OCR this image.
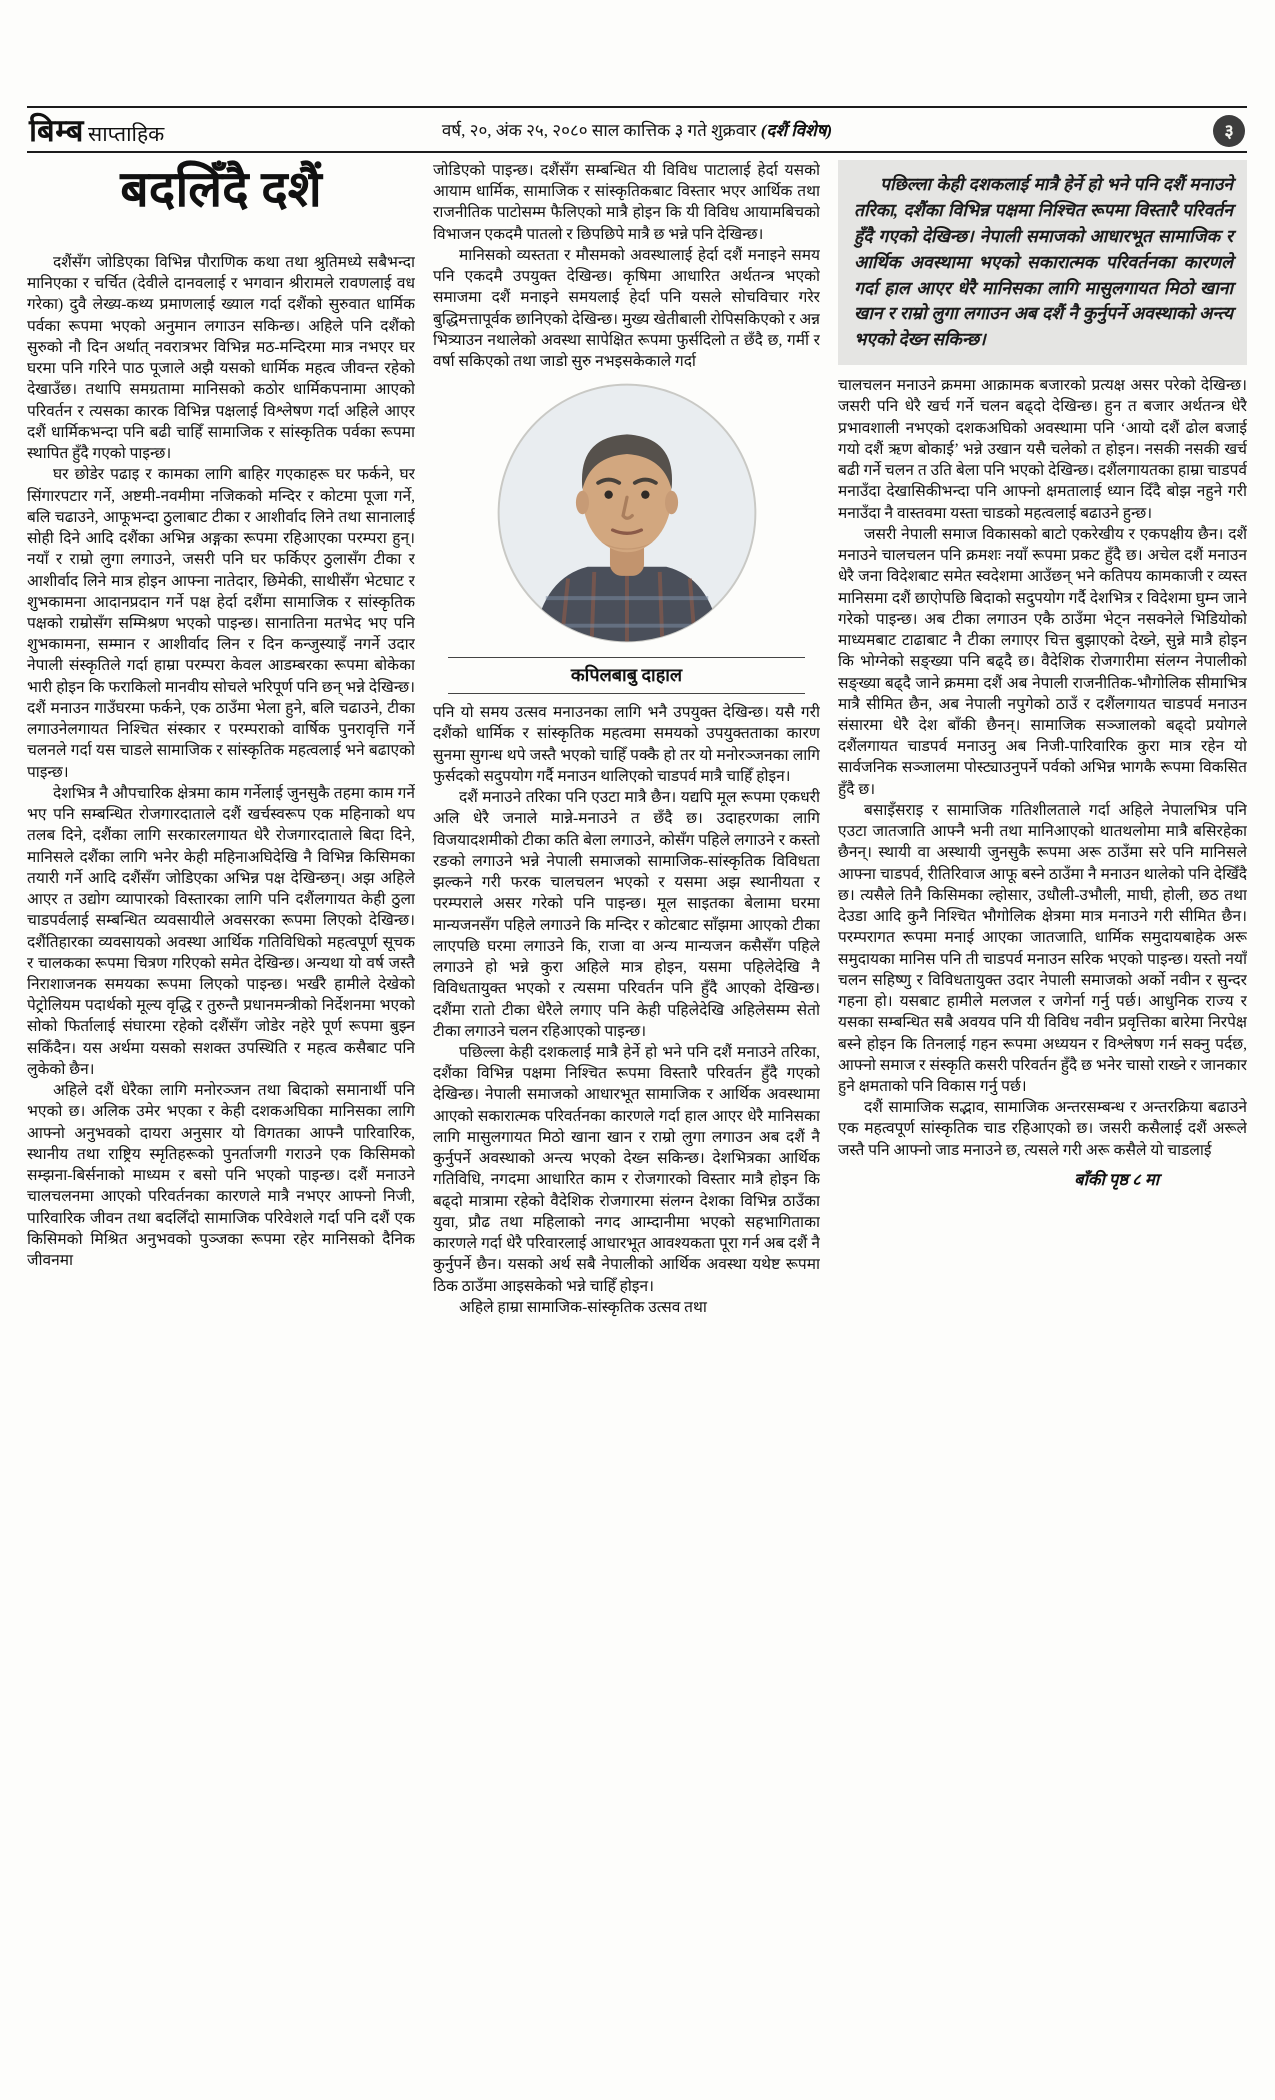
बिम्ब साप्ताहिक	वर्ष, २०, अंक २५, २०८० साल कात्तिक ३ गते शुक्रवार (दशैं विशेष)	३
बदलिँदै दशैं

दशैंसँग जोडिएका विभिन्न पौराणिक कथा तथा श्रुतिमध्ये सबैभन्दा मानिएका र चर्चित (देवीले दानवलाई र भगवान श्रीरामले रावणलाई वध गरेका) दुवै लेख्य-कथ्य प्रमाणलाई ख्याल गर्दा दशैंको सुरुवात धार्मिक पर्वका रूपमा भएको अनुमान लगाउन सकिन्छ। अहिले पनि दशैंको सुरुको नौ दिन अर्थात् नवरात्रभर विभिन्न मठ-मन्दिरमा मात्र नभएर घर घरमा पनि गरिने पाठ पूजाले अझै यसको धार्मिक महत्व जीवन्त रहेको देखाउँछ। तथापि समग्रतामा मानिसको कठोर धार्मिकपनामा आएको परिवर्तन र त्यसका कारक विभिन्न पक्षलाई विश्लेषण गर्दा अहिले आएर दशैं धार्मिकभन्दा पनि बढी चाहिँ सामाजिक र सांस्कृतिक पर्वका रूपमा स्थापित हुँदै गएको पाइन्छ।

घर छोडेर पढाइ र कामका लागि बाहिर गएकाहरू घर फर्कने, घर सिंगारपटार गर्ने, अष्टमी-नवमीमा नजिकको मन्दिर र कोटमा पूजा गर्ने, बलि चढाउने, आफूभन्दा ठुलाबाट टीका र आशीर्वाद लिने तथा सानालाई सोही दिने आदि दशैंका अभिन्न अङ्गका रूपमा रहिआएका परम्परा हुन्। नयाँ र राम्रो लुगा लगाउने, जसरी पनि घर फर्किएर ठुलासँग टीका र आशीर्वाद लिने मात्र होइन आफ्ना नातेदार, छिमेकी, साथीसँग भेटघाट र शुभकामना आदानप्रदान गर्ने पक्ष हेर्दा दशैंमा सामाजिक र सांस्कृतिक पक्षको राम्रोसँग सम्मिश्रण भएको पाइन्छ। सानातिना मतभेद भए पनि शुभकामना, सम्मान र आशीर्वाद लिन र दिन कन्जुस्याइँ नगर्ने उदार नेपाली संस्कृतिले गर्दा हाम्रा परम्परा केवल आडम्बरका रूपमा बोकेका भारी होइन कि फराकिलो मानवीय सोचले भरिपूर्ण पनि छन् भन्ने देखिन्छ। दशैं मनाउन गाउँघरमा फर्कने, एक ठाउँमा भेला हुने, बलि चढाउने, टीका लगाउनेलगायत निश्चित संस्कार र परम्पराको वार्षिक पुनरावृत्ति गर्ने चलनले गर्दा यस चाडले सामाजिक र सांस्कृतिक महत्वलाई भने बढाएको पाइन्छ।

देशभित्र नै औपचारिक क्षेत्रमा काम गर्नेलाई जुनसुकै तहमा काम गर्ने भए पनि सम्बन्धित रोजगारदाताले दशैं खर्चस्वरूप एक महिनाको थप तलब दिने, दशैंका लागि सरकारलगायत धेरै रोजगारदाताले बिदा दिने, मानिसले दशैंका लागि भनेर केही महिनाअघिदेखि नै विभिन्न किसिमका तयारी गर्ने आदि दशैंसँग जोडिएका अभिन्न पक्ष देखिन्छन्। अझ अहिले आएर त उद्योग व्यापारको विस्तारका लागि पनि दशैंलगायत केही ठुला चाडपर्वलाई सम्बन्धित व्यवसायीले अवसरका रूपमा लिएको देखिन्छ। दशैंतिहारका व्यवसायको अवस्था आर्थिक गतिविधिको महत्वपूर्ण सूचक र चालकका रूपमा चित्रण गरिएको समेत देखिन्छ। अन्यथा यो वर्ष जस्तै निराशाजनक समयका रूपमा लिएको पाइन्छ। भर्खरै हामीले देखेको पेट्रोलियम पदार्थको मूल्य वृद्धि र तुरुन्तै प्रधानमन्त्रीको निर्देशनमा भएको सोको फिर्तालाई संघारमा रहेको दशैंसँग जोडेर नहेरे पूर्ण रूपमा बुझ्न सकिँदैन। यस अर्थमा यसको सशक्त उपस्थिति र महत्व कसैबाट पनि लुकेको छैन।

अहिले दशैं धेरैका लागि मनोरञ्जन तथा बिदाको समानार्थी पनि भएको छ। अलिक उमेर भएका र केही दशकअघिका मानिसका लागि आफ्नो अनुभवको दायरा अनुसार यो विगतका आफ्नै पारिवारिक, स्थानीय तथा राष्ट्रिय स्मृतिहरूको पुनर्ताजगी गराउने एक किसिमको सम्झना-बिर्सनाको माध्यम र बसो पनि भएको पाइन्छ। दशैं मनाउने चालचलनमा आएको परिवर्तनका कारणले मात्रै नभएर आफ्नो निजी, पारिवारिक जीवन तथा बदलिँदो सामाजिक परिवेशले गर्दा पनि दशैं एक किसिमको मिश्रित अनुभवको पुञ्जका रूपमा रहेर मानिसको दैनिक जीवनमा

जोडिएको पाइन्छ। दशैंसँग सम्बन्धित यी विविध पाटालाई हेर्दा यसको आयाम धार्मिक, सामाजिक र सांस्कृतिकबाट विस्तार भएर आर्थिक तथा राजनीतिक पाटोसम्म फैलिएको मात्रै होइन कि यी विविध आयामबिचको विभाजन एकदमै पातलो र छिपछिपे मात्रै छ भन्ने पनि देखिन्छ।

मानिसको व्यस्तता र मौसमको अवस्थालाई हेर्दा दशैं मनाइने समय पनि एकदमै उपयुक्त देखिन्छ। कृषिमा आधारित अर्थतन्त्र भएको समाजमा दशैं मनाइने समयलाई हेर्दा पनि यसले सोचविचार गरेर बुद्धिमत्तापूर्वक छानिएको देखिन्छ। मुख्य खेतीबाली रोपिसकिएको र अन्न भित्र्याउन नथालेको अवस्था सापेक्षित रूपमा फुर्सदिलो त छँदै छ, गर्मी र वर्षा सकिएको तथा जाडो सुरु नभइसकेकाले गर्दा

कपिलबाबु दाहाल

पनि यो समय उत्सव मनाउनका लागि भनै उपयुक्त देखिन्छ। यसै गरी दशैंको धार्मिक र सांस्कृतिक महत्वमा समयको उपयुक्तताका कारण सुनमा सुगन्ध थपे जस्तै भएको चाहिँ पक्कै हो तर यो मनोरञ्जनका लागि फुर्सदको सदुपयोग गर्दै मनाउन थालिएको चाडपर्व मात्रै चाहिँ होइन।

दशैं मनाउने तरिका पनि एउटा मात्रै छैन। यद्यपि मूल रूपमा एकधरी अलि धेरै जनाले मान्ने-मनाउने त छँदै छ। उदाहरणका लागि विजयादशमीको टीका कति बेला लगाउने, कोसँग पहिले लगाउने र कस्तो रङको लगाउने भन्ने नेपाली समाजको सामाजिक-सांस्कृतिक विविधता झल्कने गरी फरक चालचलन भएको र यसमा अझ स्थानीयता र परम्पराले असर गरेको पनि पाइन्छ। मूल साइतका बेलामा घरमा मान्यजनसँग पहिले लगाउने कि मन्दिर र कोटबाट साँझमा आएको टीका लाएपछि घरमा लगाउने कि, राजा वा अन्य मान्यजन कसैसँग पहिले लगाउने हो भन्ने कुरा अहिले मात्र होइन, यसमा पहिलेदेखि नै विविधतायुक्त भएको र त्यसमा परिवर्तन पनि हुँदै आएको देखिन्छ। दशैंमा रातो टीका धेरैले लगाए पनि केही पहिलेदेखि अहिलेसम्म सेतो टीका लगाउने चलन रहिआएको पाइन्छ।

पछिल्ला केही दशकलाई मात्रै हेर्ने हो भने पनि दशैं मनाउने तरिका, दशैंका विभिन्न पक्षमा निश्चित रूपमा विस्तारै परिवर्तन हुँदै गएको देखिन्छ। नेपाली समाजको आधारभूत सामाजिक र आर्थिक अवस्थामा आएको सकारात्मक परिवर्तनका कारणले गर्दा हाल आएर धेरै मानिसका लागि मासुलगायत मिठो खाना खान र राम्रो लुगा लगाउन अब दशैं नै कुर्नुपर्ने अवस्थाको अन्त्य भएको देख्न सकिन्छ। देशभित्रका आर्थिक गतिविधि, नगदमा आधारित काम र रोजगारको विस्तार मात्रै होइन कि बढ्दो मात्रामा रहेको वैदेशिक रोजगारमा संलग्न देशका विभिन्न ठाउँका युवा, प्रौढ तथा महिलाको नगद आम्दानीमा भएको सहभागिताका कारणले गर्दा धेरै परिवारलाई आधारभूत आवश्यकता पूरा गर्न अब दशैं नै कुर्नुपर्ने छैन। यसको अर्थ सबै नेपालीको आर्थिक अवस्था यथेष्ट रूपमा ठिक ठाउँमा आइसकेको भन्ने चाहिँ होइन।

अहिले हाम्रा सामाजिक-सांस्कृतिक उत्सव तथा

पछिल्ला केही दशकलाई मात्रै हेर्ने हो भने पनि दशैं मनाउने तरिका, दशैंका विभिन्न पक्षमा निश्चित रूपमा विस्तारै परिवर्तन हुँदै गएको देखिन्छ। नेपाली समाजको आधारभूत सामाजिक र आर्थिक अवस्थामा भएको सकारात्मक परिवर्तनका कारणले गर्दा हाल आएर धेरै मानिसका लागि मासुलगायत मिठो खाना खान र राम्रो लुगा लगाउन अब दशैं नै कुर्नुपर्ने अवस्थाको अन्त्य भएको देख्न सकिन्छ।

चालचलन मनाउने क्रममा आक्रामक बजारको प्रत्यक्ष असर परेको देखिन्छ। जसरी पनि धेरै खर्च गर्ने चलन बढ्दो देखिन्छ। हुन त बजार अर्थतन्त्र धेरै प्रभावशाली नभएको दशकअघिको अवस्थामा पनि ‘आयो दशैं ढोल बजाई गयो दशैं ऋण बोकाई’ भन्ने उखान यसै चलेको त होइन। नसकी नसकी खर्च बढी गर्ने चलन त उति बेला पनि भएको देखिन्छ। दशैंलगायतका हाम्रा चाडपर्व मनाउँदा देखासिकीभन्दा पनि आफ्नो क्षमतालाई ध्यान दिँदै बोझ नहुने गरी मनाउँदा नै वास्तवमा यस्ता चाडको महत्वलाई बढाउने हुन्छ।

जसरी नेपाली समाज विकासको बाटो एकरेखीय र एकपक्षीय छैन। दशैं मनाउने चालचलन पनि क्रमशः नयाँ रूपमा प्रकट हुँदै छ। अचेल दशैं मनाउन धेरै जना विदेशबाट समेत स्वदेशमा आउँछन् भने कतिपय कामकाजी र व्यस्त मानिसमा दशैं छाएोपछि बिदाको सदुपयोग गर्दै देशभित्र र विदेशमा घुम्न जाने गरेको पाइन्छ। अब टीका लगाउन एकै ठाउँमा भेट्न नसक्नेले भिडियोको माध्यमबाट टाढाबाट नै टीका लगाएर चित्त बुझाएको देख्ने, सुन्ने मात्रै होइन कि भोग्नेको सङ्ख्या पनि बढ्दै छ। वैदेशिक रोजगारीमा संलग्न नेपालीको सङ्ख्या बढ्दै जाने क्रममा दशैं अब नेपाली राजनीतिक-भौगोलिक सीमाभित्र मात्रै सीमित छैन, अब नेपाली नपुगेको ठाउँ र दशैंलगायत चाडपर्व मनाउन संसारमा धेरै देश बाँकी छैनन्। सामाजिक सञ्जालको बढ्दो प्रयोगले दशैंलगायत चाडपर्व मनाउनु अब निजी-पारिवारिक कुरा मात्र रहेन यो सार्वजनिक सञ्जालमा पोस्ट्याउनुपर्ने पर्वको अभिन्न भागकै रूपमा विकसित हुँदै छ।

बसाइँसराइ र सामाजिक गतिशीलताले गर्दा अहिले नेपालभित्र पनि एउटा जातजाति आफ्नै भनी तथा मानिआएको थातथलोमा मात्रै बसिरहेका छैनन्। स्थायी वा अस्थायी जुनसुकै रूपमा अरू ठाउँमा सरे पनि मानिसले आफ्ना चाडपर्व, रीतिरिवाज आफू बस्ने ठाउँमा नै मनाउन थालेको पनि देखिँदै छ। त्यसैले तिनै किसिमका ल्होसार, उधौली-उभौली, माघी, होली, छठ तथा देउडा आदि कुनै निश्चित भौगोलिक क्षेत्रमा मात्र मनाउने गरी सीमित छैन। परम्परागत रूपमा मनाई आएका जातजाति, धार्मिक समुदायबाहेक अरू समुदायका मानिस पनि ती चाडपर्व मनाउन सरिक भएको पाइन्छ। यस्तो नयाँ चलन सहिष्णु र विविधतायुक्त उदार नेपाली समाजको अर्को नवीन र सुन्दर गहना हो। यसबाट हामीले मलजल र जगेर्ना गर्नु पर्छ। आधुनिक राज्य र यसका सम्बन्धित सबै अवयव पनि यी विविध नवीन प्रवृत्तिका बारेमा निरपेक्ष बस्ने होइन कि तिनलाई गहन रूपमा अध्ययन र विश्लेषण गर्न सक्नु पर्दछ, आफ्नो समाज र संस्कृति कसरी परिवर्तन हुँदै छ भनेर चासो राख्ने र जानकार हुने क्षमताको पनि विकास गर्नु पर्छ।

दशैं सामाजिक सद्भाव, सामाजिक अन्तरसम्बन्ध र अन्तरक्रिया बढाउने एक महत्वपूर्ण सांस्कृतिक चाड रहिआएको छ। जसरी कसैलाई दशैं अरूले जस्तै पनि आफ्नो जाड मनाउने छ, त्यसले गरी अरू कसैले यो चाडलाई

बाँकी पृष्ठ ८ मा
